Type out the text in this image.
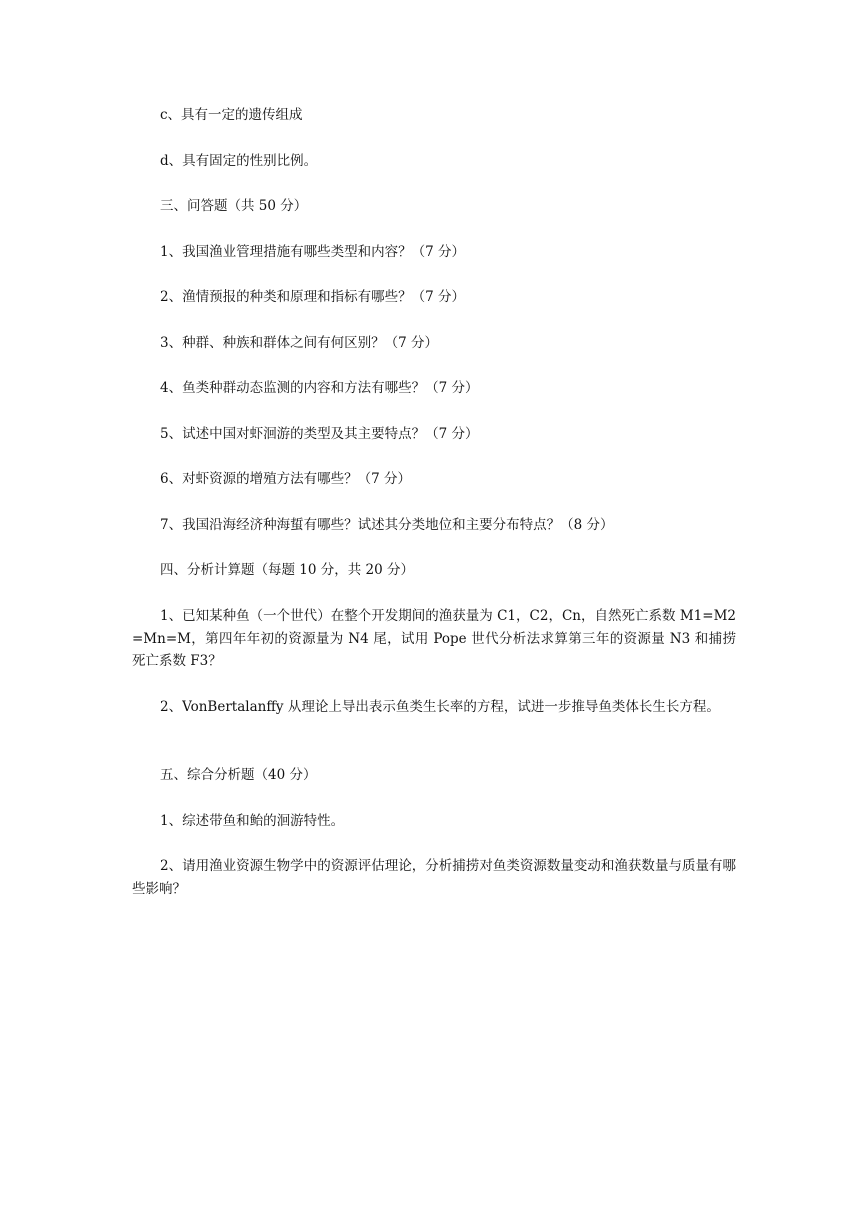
c、具有一定的遗传组成

d、具有固定的性别比例。

三、问答题（共 50 分）

1、我国渔业管理措施有哪些类型和内容？（7 分）

2、渔情预报的种类和原理和指标有哪些？（7 分）

3、种群、种族和群体之间有何区别？（7 分）

4、鱼类种群动态监测的内容和方法有哪些？（7 分）

5、试述中国对虾洄游的类型及其主要特点？（7 分）

6、对虾资源的增殖方法有哪些？（7 分）

7、我国沿海经济种海蜇有哪些？试述其分类地位和主要分布特点？（8 分）

四、分析计算题（每题 10 分，共 20 分）

1、已知某种鱼（一个世代）在整个开发期间的渔获量为 C1，C2，Cn，自然死亡系数 M1=M2=Mn=M，第四年年初的资源量为 N4 尾，试用 Pope 世代分析法求算第三年的资源量 N3 和捕捞死亡系数 F3？

2、VonBertalanffy 从理论上导出表示鱼类生长率的方程，试进一步推导鱼类体长生长方程。

五、综合分析题（40 分）

1、综述带鱼和鲐的洄游特性。

2、请用渔业资源生物学中的资源评估理论，分析捕捞对鱼类资源数量变动和渔获数量与质量有哪些影响？
